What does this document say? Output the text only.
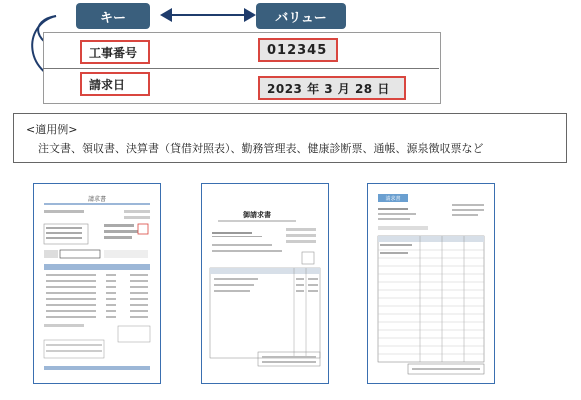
キー	バリュー
工事番号	012345
請求日	2023 年 3 月 28 日
<適用例>
注文書、領収書、決算書（貸借対照表）、勤務管理表、健康診断票、通帳、源泉徴収票など
請求書
御請求書
請求書
